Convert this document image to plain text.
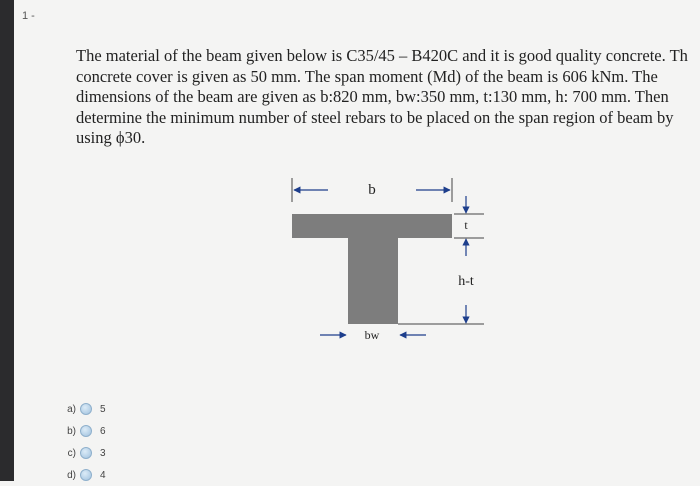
1 -
The material of the beam given below is C35/45 – B420C and it is good quality concrete. Th
concrete cover is given as 50 mm. The span moment (Md) of the beam is 606 kNm. The
dimensions of the beam are given as b:820 mm, bw:350 mm, t:130 mm, h: 700 mm. Then
determine the minimum number of steel rebars to be placed on the span region of beam by
using ϕ30.
b
t
h-t
bw
a) 5
b) 6
c) 3
d) 4
